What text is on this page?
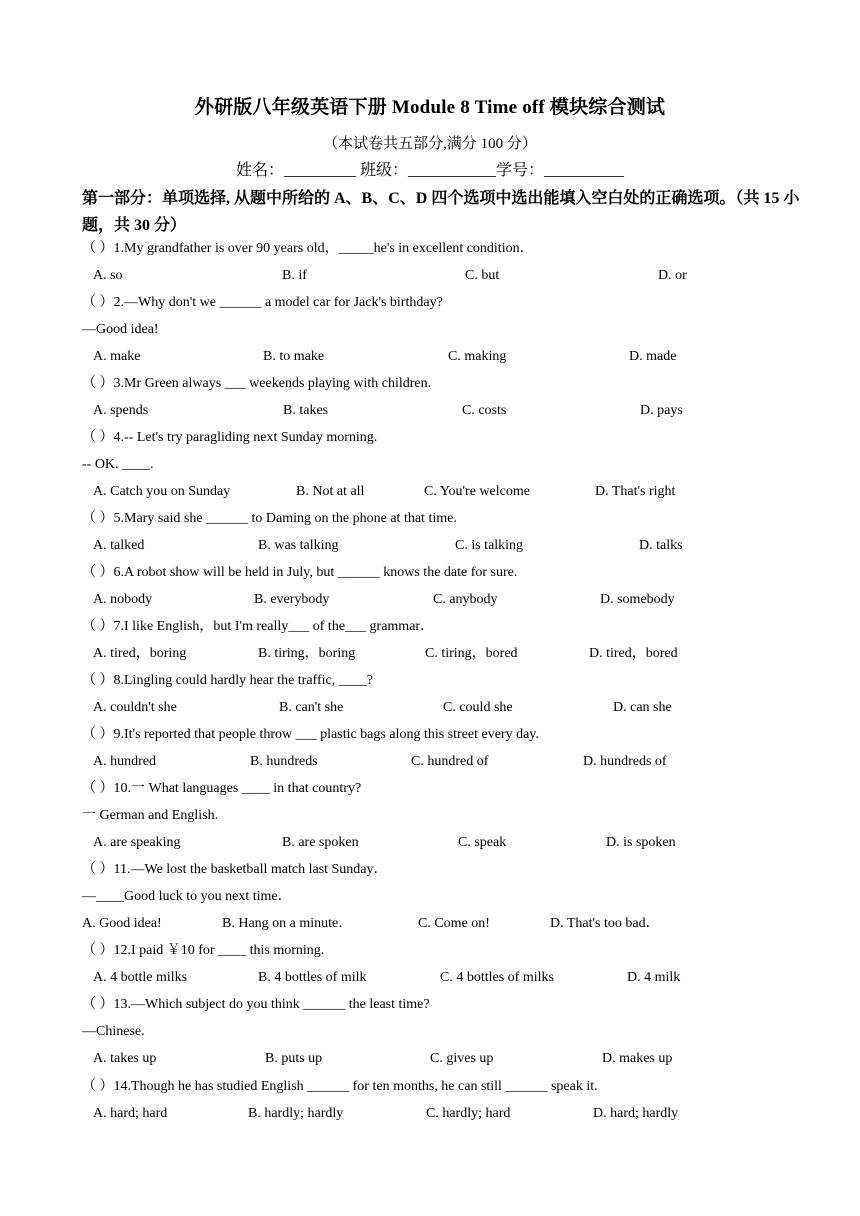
外研版八年级英语下册 Module 8 Time off 模块综合测试
（本试卷共五部分,满分 100 分）
姓名：_________ 班级：___________学号：__________
第一部分：单项选择, 从题中所给的 A、B、C、D 四个选项中选出能填入空白处的正确选项。（共 15 小题，共 30 分）
（ ）1.My grandfather is over 90 years old，_____he's in excellent condition．
A. so	B. if	C. but	D. or
（ ）2.—Why don't we ______ a model car for Jack's birthday?
—Good idea!
A. make	B. to make	C. making	D. made
（ ）3.Mr Green always ___ weekends playing with children.
A. spends	B. takes	C. costs	D. pays
（ ）4.-- Let's try paragliding next Sunday morning.
-- OK. ____.
A. Catch you on Sunday	B. Not at all	C. You're welcome	D. That's right
（ ）5.Mary said she ______ to Daming on the phone at that time.
A. talked	B. was talking	C. is talking	D. talks
（ ）6.A robot show will be held in July, but ______ knows the date for sure.
A. nobody	B. everybody	C. anybody	D. somebody
（ ）7.I like English，but I'm really___ of the___ grammar．
A. tired，boring	B. tiring，boring	C. tiring，bored	D. tired，bored
（ ）8.Lingling could hardly hear the traffic, ____?
A. couldn't she	B. can't she	C. could she	D. can she
（ ）9.It's reported that people throw ___ plastic bags along this street every day.
A. hundred	B. hundreds	C. hundred of	D. hundreds of
（ ）10.一 What languages ____ in that country?
一 German and English.
A. are speaking	B. are spoken	C. speak	D. is spoken
（ ）11.—We lost the basketball match last Sunday．
—____Good luck to you next time．
A. Good idea!	B. Hang on a minute．	C. Come on!	D. That's too bad．
（ ）12.I paid ￥10 for ____ this morning.
A. 4 bottle milks	B. 4 bottles of milk	C. 4 bottles of milks	D. 4 milk
（ ）13.—Which subject do you think ______ the least time?
—Chinese.
A. takes up	B. puts up	C. gives up	D. makes up
（ ）14.Though he has studied English ______ for ten months, he can still ______ speak it.
A. hard; hard	B. hardly; hardly	C. hardly; hard	D. hard; hardly
